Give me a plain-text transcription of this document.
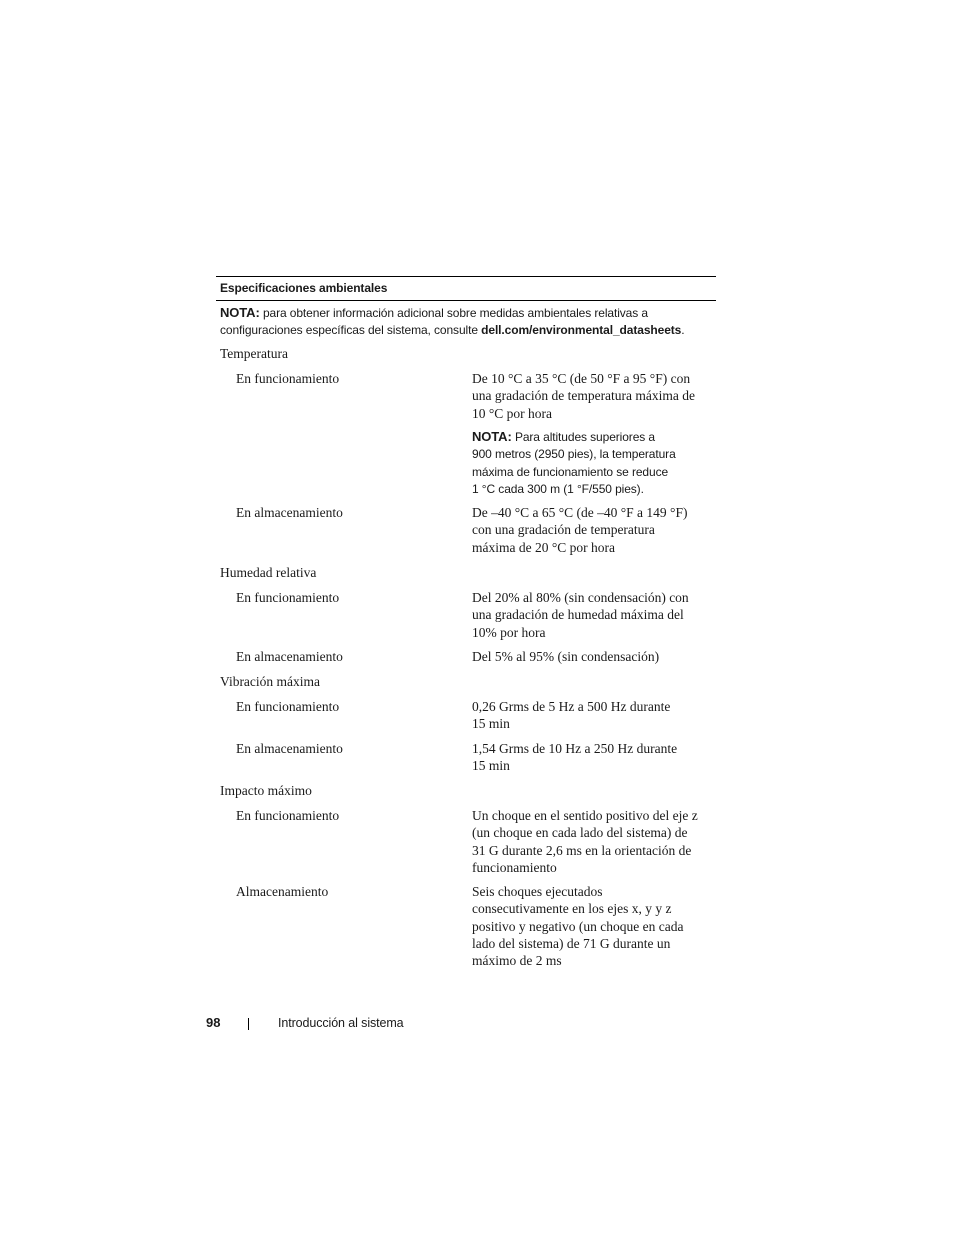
Especificaciones ambientales
NOTA: para obtener información adicional sobre medidas ambientales relativas a
configuraciones específicas del sistema, consulte dell.com/environmental_datasheets.
Temperatura
En funcionamiento	De 10 °C a 35 °C (de 50 °F a 95 °F) con
una gradación de temperatura máxima de
10 °C por hora
NOTA: Para altitudes superiores a
900 metros (2950 pies), la temperatura
máxima de funcionamiento se reduce
1 °C cada 300 m (1 °F/550 pies).
En almacenamiento	De –40 °C a 65 °C (de –40 °F a 149 °F)
con una gradación de temperatura
máxima de 20 °C por hora
Humedad relativa
En funcionamiento	Del 20% al 80% (sin condensación) con
una gradación de humedad máxima del
10% por hora
En almacenamiento	Del 5% al 95% (sin condensación)
Vibración máxima
En funcionamiento	0,26 Grms de 5 Hz a 500 Hz durante
15 min
En almacenamiento	1,54 Grms de 10 Hz a 250 Hz durante
15 min
Impacto máximo
En funcionamiento	Un choque en el sentido positivo del eje z
(un choque en cada lado del sistema) de
31 G durante 2,6 ms en la orientación de
funcionamiento
Almacenamiento	Seis choques ejecutados
consecutivamente en los ejes x, y y z
positivo y negativo (un choque en cada
lado del sistema) de 71 G durante un
máximo de 2 ms
98	Introducción al sistema
